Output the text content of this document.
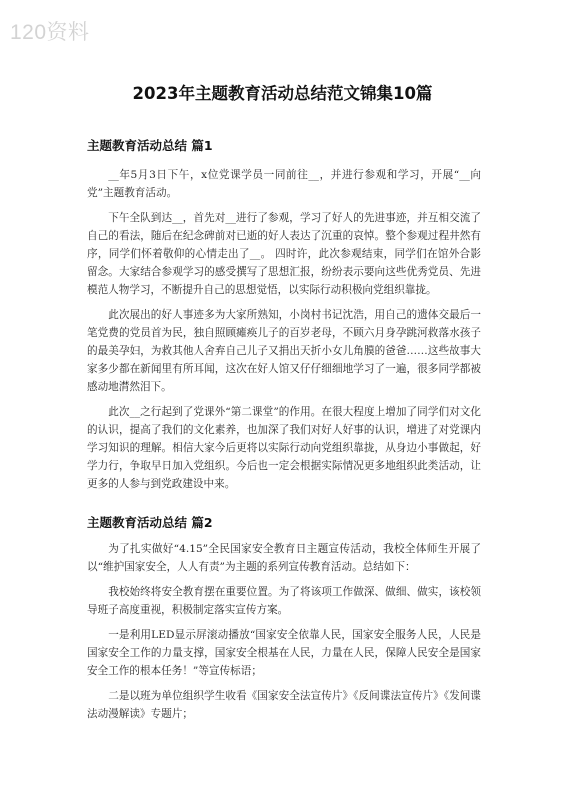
120资料
2023年主题教育活动总结范文锦集10篇
主题教育活动总结 篇1

__年5月3日下午，x位党课学员一同前往__，并进行参观和学习，开展“__向党”主题教育活动。

下午全队到达__，首先对__进行了参观，学习了好人的先进事迹，并互相交流了自己的看法，随后在纪念碑前对已逝的好人表达了沉重的哀悼。整个参观过程井然有序，同学们怀着敬仰的心情走出了__。 四时许，此次参观结束，同学们在馆外合影留念。大家结合参观学习的感受撰写了思想汇报，纷纷表示要向这些优秀党员、先进模范人物学习，不断提升自己的思想觉悟，以实际行动积极向党组织靠拢。

此次展出的好人事迹多为大家所熟知，小岗村书记沈浩，用自己的遗体交最后一笔党费的党员首为民，独自照顾瘫痪儿子的百岁老母，不顾六月身孕跳河救落水孩子的最美孕妇，为救其他人舍弃自己儿子又捐出天折小女儿角膜的爸爸……这些故事大家多少都在新闻里有所耳闻，这次在好人馆又仔仔细细地学习了一遍，很多同学都被感动地潸然泪下。

此次__之行起到了党课外“第二课堂”的作用。在很大程度上增加了同学们对文化的认识，提高了我们的文化素养，也加深了我们对好人好事的认识，增进了对党课内学习知识的理解。相信大家今后更将以实际行动向党组织靠拢，从身边小事做起，好学力行，争取早日加入党组织。今后也一定会根据实际情况更多地组织此类活动，让更多的人参与到党政建设中来。

主题教育活动总结 篇2

为了扎实做好“4.15”全民国家安全教育日主题宣传活动，我校全体师生开展了以“维护国家安全，人人有责”为主题的系列宣传教育活动。总结如下：

我校始终将安全教育摆在重要位置。为了将该项工作做深、做细、做实，该校领导班子高度重视，积极制定落实宣传方案。

一是利用LED显示屏滚动播放“国家安全依靠人民，国家安全服务人民，人民是国家安全工作的力量支撑，国家安全根基在人民，力量在人民，保障人民安全是国家安全工作的根本任务！”等宣传标语；

二是以班为单位组织学生收看《国家安全法宣传片》《反间谍法宣传片》《发间谍法动漫解读》专题片；
